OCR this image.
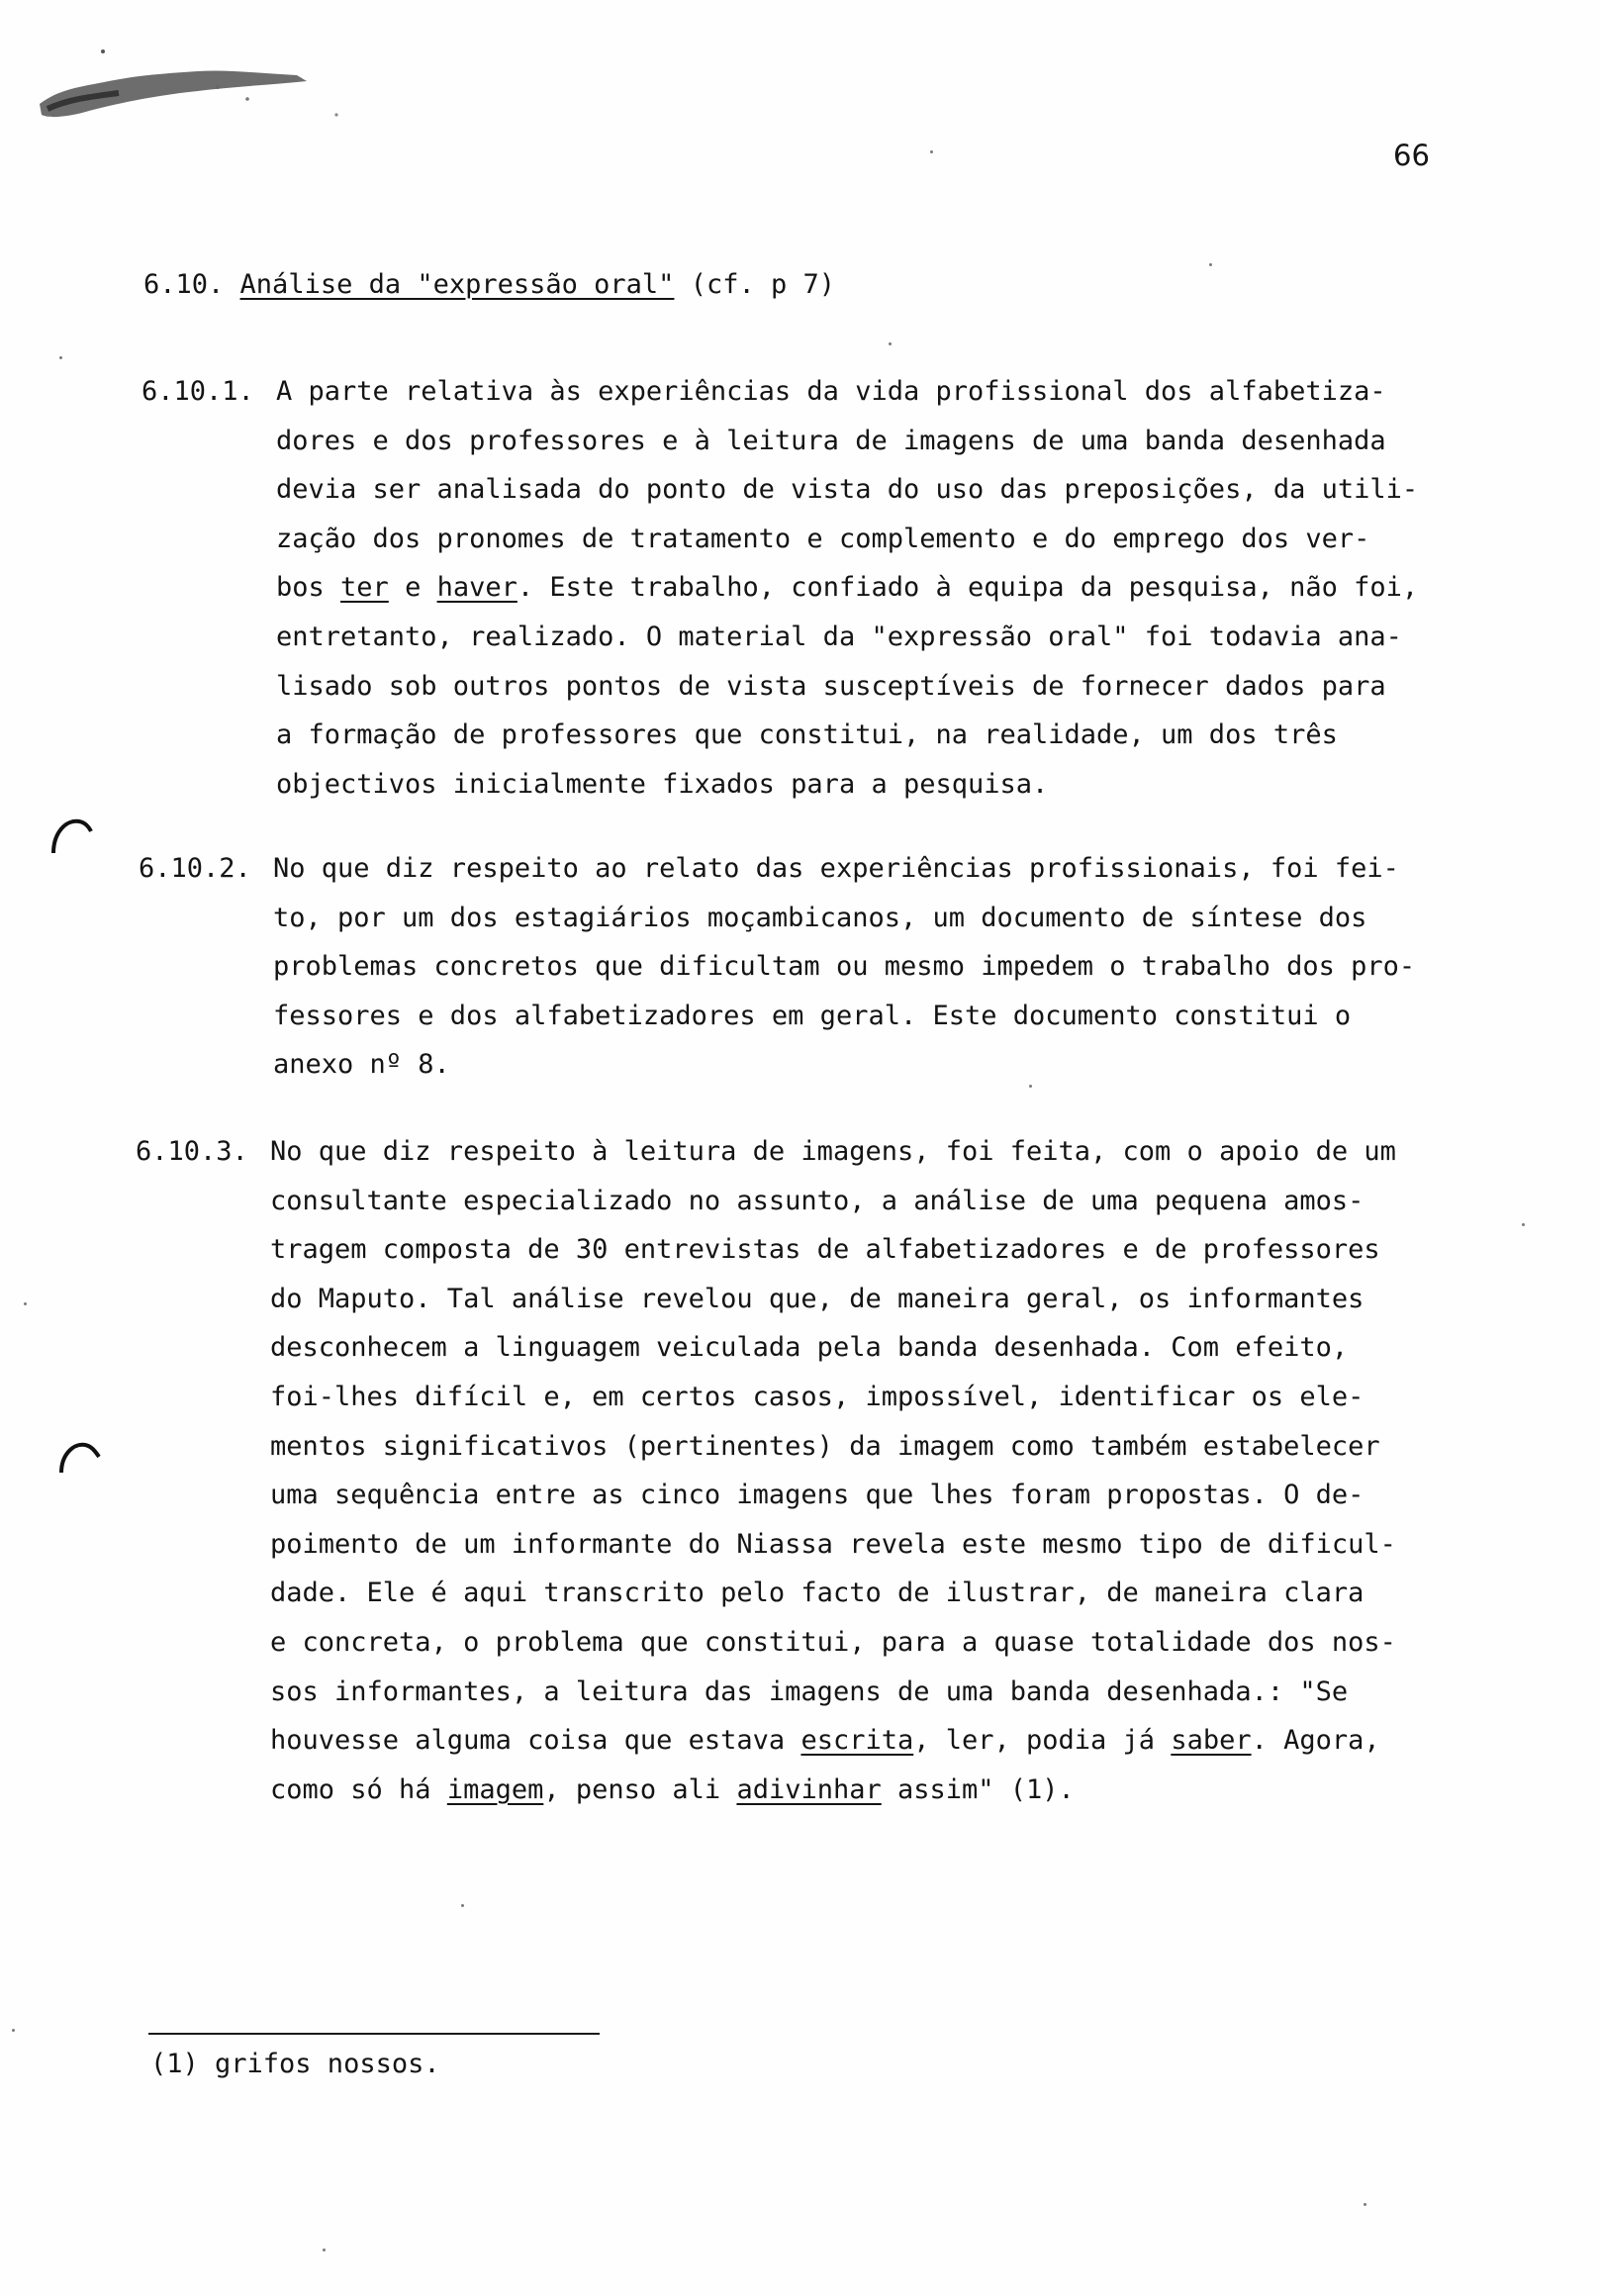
66
6.10. Análise da "expressão oral" (cf. p 7)
6.10.1. A parte relativa às experiências da vida profissional dos alfabetiza-
dores e dos professores e à leitura de imagens de uma banda desenhada
devia ser analisada do ponto de vista do uso das preposições, da utili-
zação dos pronomes de tratamento e complemento e do emprego dos ver-
bos ter e haver. Este trabalho, confiado à equipa da pesquisa, não foi,
entretanto, realizado. O material da "expressão oral" foi todavia ana-
lisado sob outros pontos de vista susceptíveis de fornecer dados para
a formação de professores que constitui, na realidade, um dos três
objectivos inicialmente fixados para a pesquisa.
6.10.2. No que diz respeito ao relato das experiências profissionais, foi fei-
to, por um dos estagiários moçambicanos, um documento de síntese dos
problemas concretos que dificultam ou mesmo impedem o trabalho dos pro-
fessores e dos alfabetizadores em geral. Este documento constitui o
anexo nº 8.
6.10.3. No que diz respeito à leitura de imagens, foi feita, com o apoio de um
consultante especializado no assunto, a análise de uma pequena amos-
tragem composta de 30 entrevistas de alfabetizadores e de professores
do Maputo. Tal análise revelou que, de maneira geral, os informantes
desconhecem a linguagem veiculada pela banda desenhada. Com efeito,
foi-lhes difícil e, em certos casos, impossível, identificar os ele-
mentos significativos (pertinentes) da imagem como também estabelecer
uma sequência entre as cinco imagens que lhes foram propostas. O de-
poimento de um informante do Niassa revela este mesmo tipo de dificul-
dade. Ele é aqui transcrito pelo facto de ilustrar, de maneira clara
e concreta, o problema que constitui, para a quase totalidade dos nos-
sos informantes, a leitura das imagens de uma banda desenhada.: "Se
houvesse alguma coisa que estava escrita, ler, podia já saber. Agora,
como só há imagem, penso ali adivinhar assim" (1).
(1) grifos nossos.
